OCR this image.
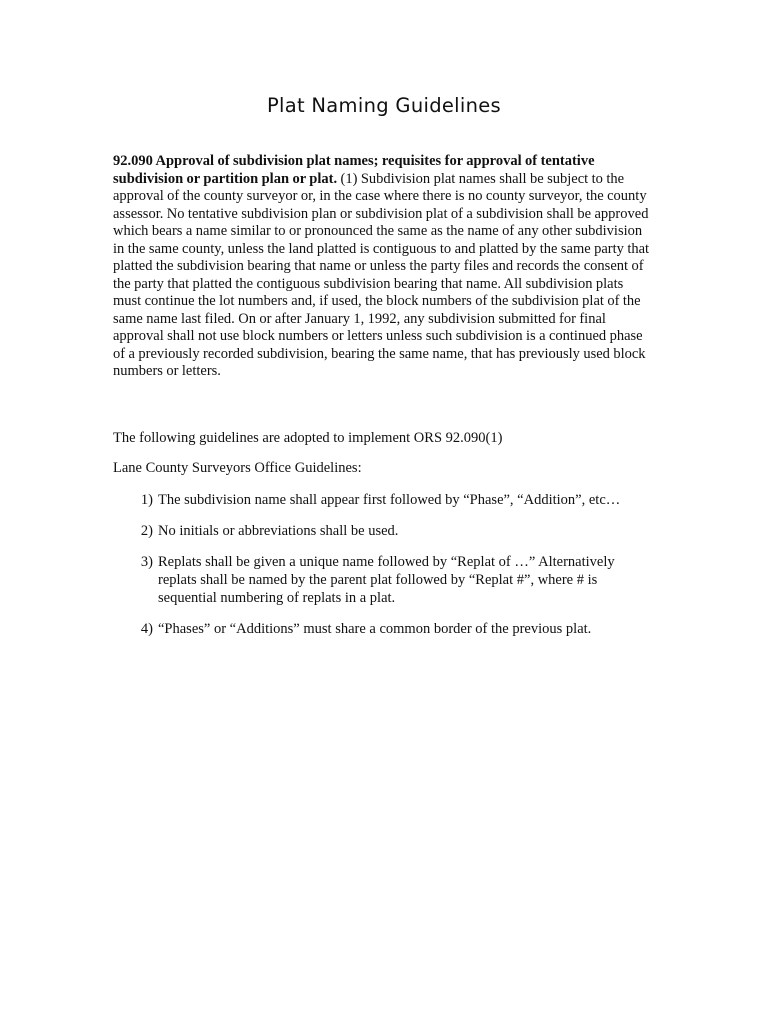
Plat Naming Guidelines

92.090 Approval of subdivision plat names; requisites for approval of tentative subdivision or partition plan or plat. (1) Subdivision plat names shall be subject to the approval of the county surveyor or, in the case where there is no county surveyor, the county assessor. No tentative subdivision plan or subdivision plat of a subdivision shall be approved which bears a name similar to or pronounced the same as the name of any other subdivision in the same county, unless the land platted is contiguous to and platted by the same party that platted the subdivision bearing that name or unless the party files and records the consent of the party that platted the contiguous subdivision bearing that name. All subdivision plats must continue the lot numbers and, if used, the block numbers of the subdivision plat of the same name last filed. On or after January 1, 1992, any subdivision submitted for final approval shall not use block numbers or letters unless such subdivision is a continued phase of a previously recorded subdivision, bearing the same name, that has previously used block numbers or letters.

The following guidelines are adopted to implement ORS 92.090(1)

Lane County Surveyors Office Guidelines:

1) The subdivision name shall appear first followed by “Phase”, “Addition”, etc…
2) No initials or abbreviations shall be used.
3) Replats shall be given a unique name followed by “Replat of …” Alternatively replats shall be named by the parent plat followed by “Replat #”, where # is sequential numbering of replats in a plat.
4) “Phases” or “Additions” must share a common border of the previous plat.
